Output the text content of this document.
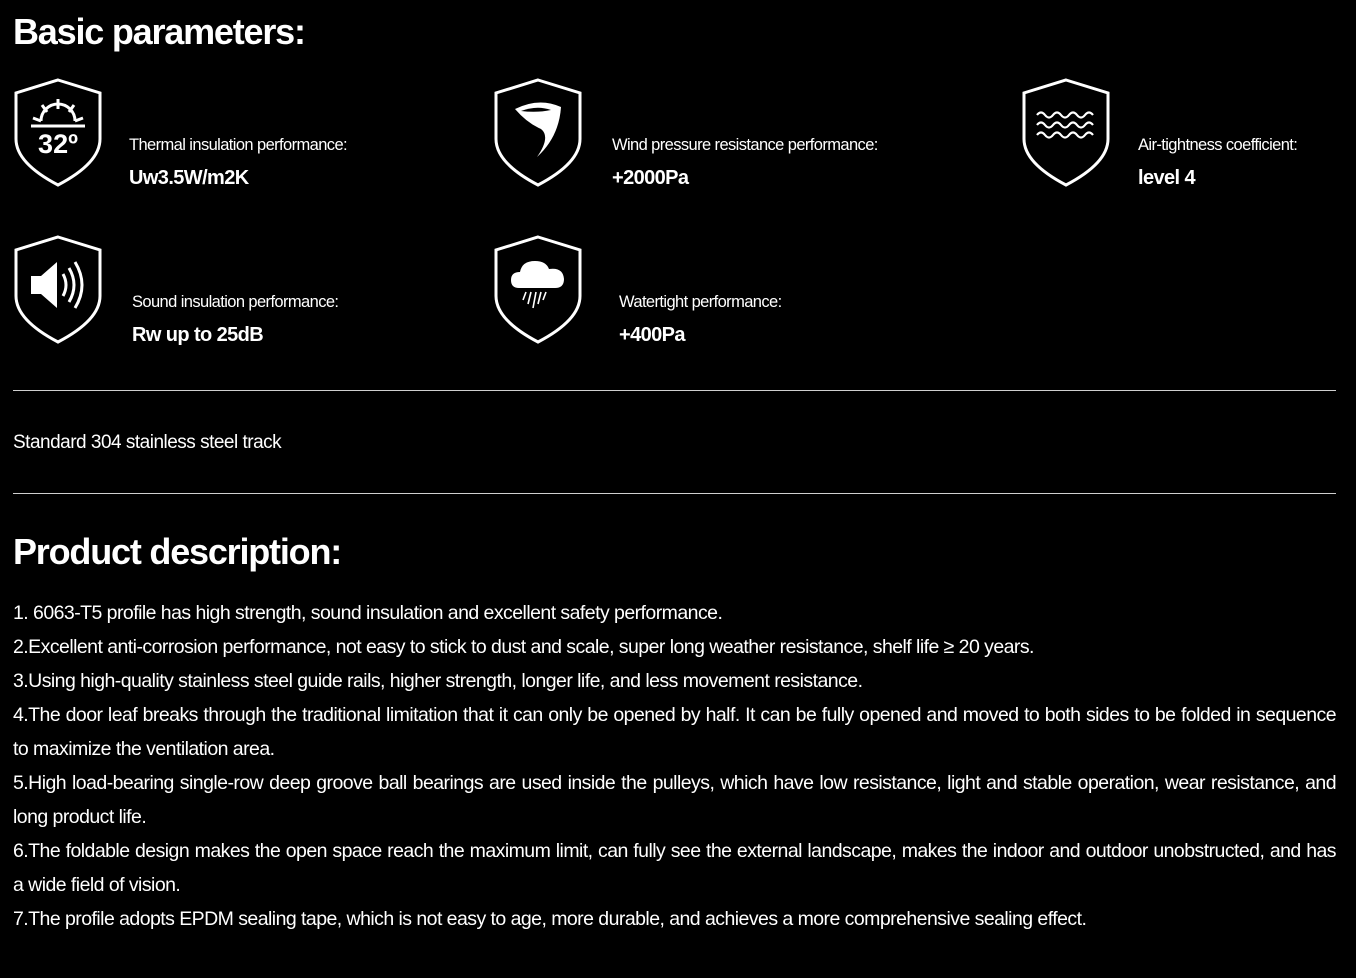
Basic parameters:
32º	Thermal insulation performance:
Uw3.5W/m2K
Wind pressure resistance performance:
+2000Pa
Air-tightness coefficient:
level 4
Sound insulation performance:
Rw up to 25dB
Watertight performance:
+400Pa
Standard 304 stainless steel track
Product description:
1. 6063-T5 profile has high strength, sound insulation and excellent safety performance.
2.Excellent anti-corrosion performance, not easy to stick to dust and scale, super long weather resistance, shelf life ≥ 20 years.
3.Using high-quality stainless steel guide rails, higher strength, longer life, and less movement resistance.
4.The door leaf breaks through the traditional limitation that it can only be opened by half. It can be fully opened and moved to both sides to be folded in sequence to maximize the ventilation area.
5.High load-bearing single-row deep groove ball bearings are used inside the pulleys, which have low resistance, light and stable operation, wear resistance, and long product life.
6.The foldable design makes the open space reach the maximum limit, can fully see the external landscape, makes the indoor and outdoor unobstructed, and has a wide field of vision.
7.The profile adopts EPDM sealing tape, which is not easy to age, more durable, and achieves a more comprehensive sealing effect.
